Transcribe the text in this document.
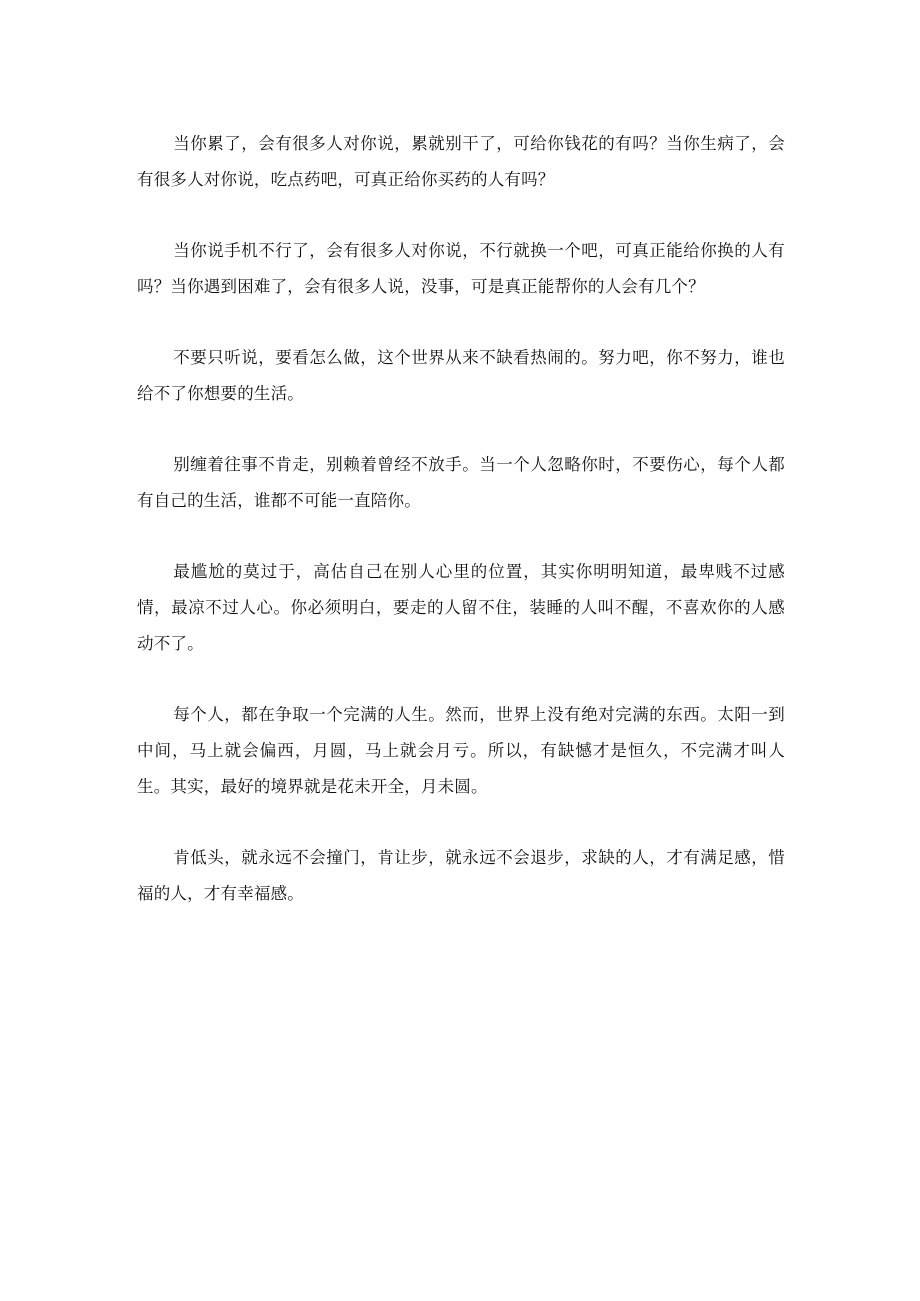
当你累了，会有很多人对你说，累就别干了，可给你钱花的有吗？当你生病了，会有很多人对你说，吃点药吧，可真正给你买药的人有吗？

当你说手机不行了，会有很多人对你说，不行就换一个吧，可真正能给你换的人有吗？当你遇到困难了，会有很多人说，没事，可是真正能帮你的人会有几个？

不要只听说，要看怎么做，这个世界从来不缺看热闹的。努力吧，你不努力，谁也给不了你想要的生活。

别缠着往事不肯走，别赖着曾经不放手。当一个人忽略你时，不要伤心，每个人都有自己的生活，谁都不可能一直陪你。

最尴尬的莫过于，高估自己在别人心里的位置，其实你明明知道，最卑贱不过感情，最凉不过人心。你必须明白，要走的人留不住，装睡的人叫不醒，不喜欢你的人感动不了。

每个人，都在争取一个完满的人生。然而，世界上没有绝对完满的东西。太阳一到中间，马上就会偏西，月圆，马上就会月亏。所以，有缺憾才是恒久，不完满才叫人生。其实，最好的境界就是花未开全，月未圆。

肯低头，就永远不会撞门，肯让步，就永远不会退步，求缺的人，才有满足感，惜福的人，才有幸福感。
